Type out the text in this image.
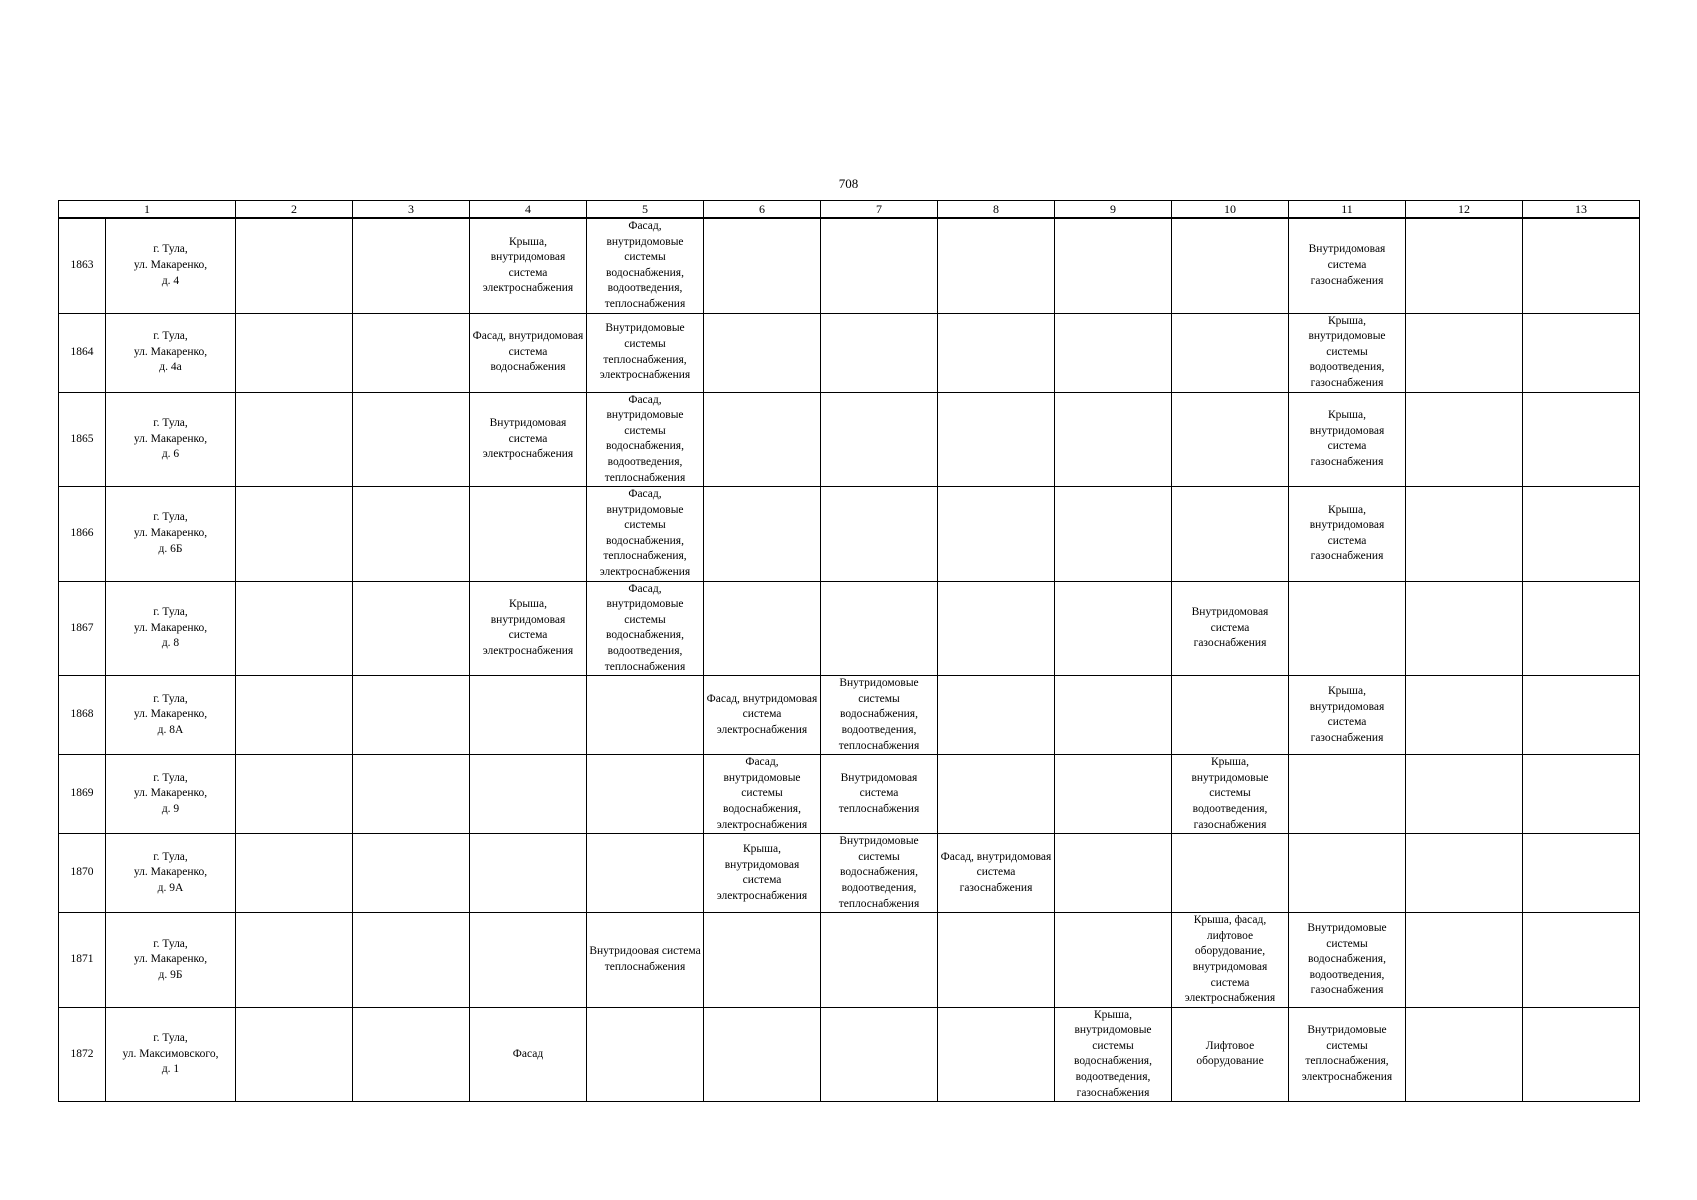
708
1		2	3	4	5	6	7	8	9	10	11	12	13
1863	г. Тула,
ул. Макаренко,
д. 4			Крыша, внутридомовая система электроснабжения	Фасад, внутридомовые системы водоснабжения, водоотведения, теплоснабжения						Внутридомовая система газоснабжения		

1864	г. Тула,
ул. Макаренко,
д. 4а			Фасад, внутридомовая система водоснабжения	Внутридомовые системы теплоснабжения, электроснабжения						Крыша, внутридомовые системы водоотведения, газоснабжения		

1865	г. Тула,
ул. Макаренко,
д. 6			Внутридомовая система электроснабжения	Фасад, внутридомовые системы водоснабжения, водоотведения, теплоснабжения						Крыша, внутридомовая система газоснабжения		

1866	г. Тула,
ул. Макаренко,
д. 6Б				Фасад, внутридомовые системы водоснабжения, теплоснабжения, электроснабжения						Крыша, внутридомовая система газоснабжения		

1867	г. Тула,
ул. Макаренко,
д. 8			Крыша, внутридомовая система электроснабжения	Фасад, внутридомовые системы водоснабжения, водоотведения, теплоснабжения					Внутридомовая система газоснабжения			

1868	г. Тула,
ул. Макаренко,
д. 8А					Фасад, внутридомовая система электроснабжения	Внутридомовые системы водоснабжения, водоотведения, теплоснабжения				Крыша, внутридомовая система газоснабжения		

1869	г. Тула,
ул. Макаренко,
д. 9					Фасад, внутридомовые системы водоснабжения, электроснабжения	Внутридомовая система теплоснабжения			Крыша, внутридомовые системы водоотведения, газоснабжения			

1870	г. Тула,
ул. Макаренко,
д. 9А					Крыша, внутридомовая система электроснабжения	Внутридомовые системы водоснабжения, водоотведения, теплоснабжения	Фасад, внутридомовая система газоснабжения					

1871	г. Тула,
ул. Макаренко,
д. 9Б				Внутридоовая система теплоснабжения					Крыша, фасад, лифтовое оборудование, внутридомовая система электроснабжения	Внутридомовые системы водоснабжения, водоотведения, газоснабжения		

1872	г. Тула,
ул. Максимовского,
д. 1			Фасад					Крыша, внутридомовые системы водоснабжения, водоотведения, газоснабжения	Лифтовое оборудование	Внутридомовые системы теплоснабжения, электроснабжения		
